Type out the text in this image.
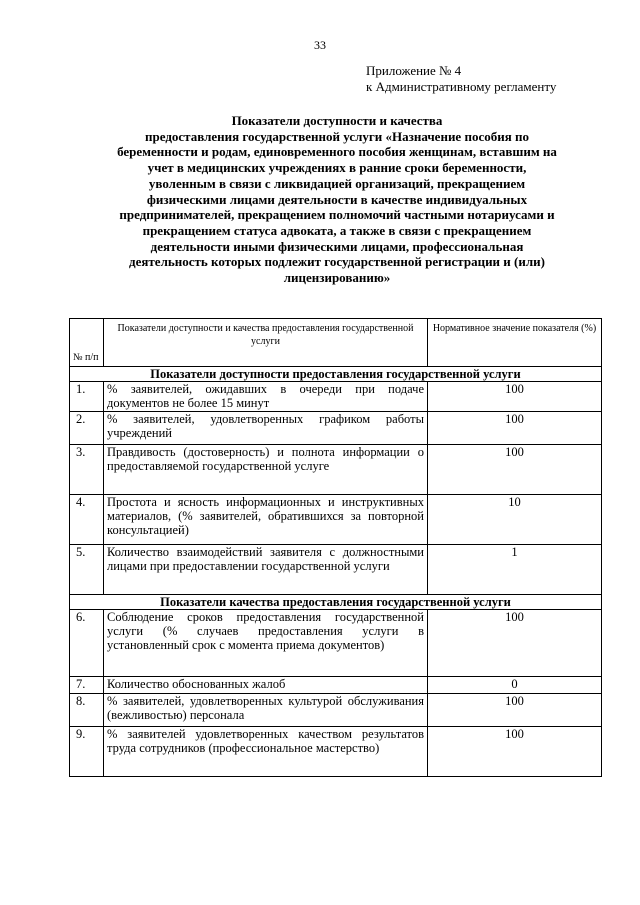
33
Приложение № 4
к Административному регламенту
Показатели доступности и качества
предоставления государственной услуги «Назначение пособия по
беременности и родам, единовременного пособия женщинам, вставшим на
учет в медицинских учреждениях в ранние сроки беременности,
уволенным в связи с ликвидацией организаций, прекращением
физическими лицами деятельности в качестве индивидуальных
предпринимателей, прекращением полномочий частными нотариусами и
прекращением статуса адвоката, а также в связи с прекращением
деятельности иными физическими лицами, профессиональная
деятельность которых подлежит государственной регистрации и (или)
лицензированию»
№ п/п	Показатели доступности и качества предоставления государственной услуги	Нормативное значение показателя (%)
Показатели доступности предоставления государственной услуги		
1.	% заявителей, ожидавших в очереди при подаче документов не более 15 минут	100
2.	% заявителей, удовлетворенных графиком работы учреждений	100
3.	Правдивость (достоверность) и полнота информации о предоставляемой государственной услуге	100
4.	Простота и ясность информационных и инструктивных материалов, (% заявителей, обратившихся за повторной консультацией)	10
5.	Количество взаимодействий заявителя с должностными лицами при предоставлении государственной услуги	1
Показатели качества предоставления государственной услуги		
6.	Соблюдение сроков предоставления государственной услуги (% случаев предоставления услуги в установленный срок с момента приема документов)	100
7.	Количество обоснованных жалоб	0
8.	% заявителей, удовлетворенных культурой обслуживания (вежливостью) персонала	100
9.	% заявителей удовлетворенных качеством результатов труда сотрудников (профессиональное мастерство)	100
